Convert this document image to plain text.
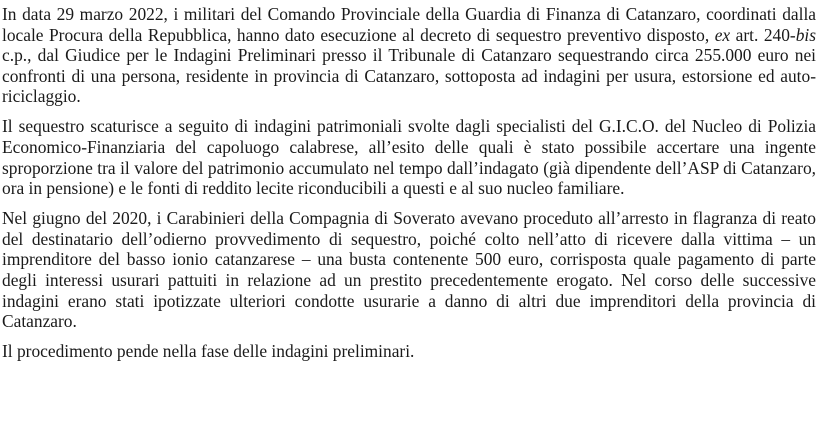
In data 29 marzo 2022, i militari del Comando Provinciale della Guardia di Finanza di Catanzaro, coordinati dalla locale Procura della Repubblica, hanno dato esecuzione al decreto di sequestro preventivo disposto, ex art. 240-bis c.p., dal Giudice per le Indagini Preliminari presso il Tribunale di Catanzaro sequestrando circa 255.000 euro nei confronti di una persona, residente in provincia di Catanzaro, sottoposta ad indagini per usura, estorsione ed auto-riciclaggio.

Il sequestro scaturisce a seguito di indagini patrimoniali svolte dagli specialisti del G.I.C.O. del Nucleo di Polizia Economico-Finanziaria del capoluogo calabrese, all’esito delle quali è stato possibile accertare una ingente sproporzione tra il valore del patrimonio accumulato nel tempo dall’indagato (già dipendente dell’ASP di Catanzaro, ora in pensione) e le fonti di reddito lecite riconducibili a questi e al suo nucleo familiare.

Nel giugno del 2020, i Carabinieri della Compagnia di Soverato avevano proceduto all’arresto in flagranza di reato del destinatario dell’odierno provvedimento di sequestro, poiché colto nell’atto di ricevere dalla vittima – un imprenditore del basso ionio catanzarese – una busta contenente 500 euro, corrisposta quale pagamento di parte degli interessi usurari pattuiti in relazione ad un prestito precedentemente erogato. Nel corso delle successive indagini erano stati ipotizzate ulteriori condotte usurarie a danno di altri due imprenditori della provincia di Catanzaro.

Il procedimento pende nella fase delle indagini preliminari.
